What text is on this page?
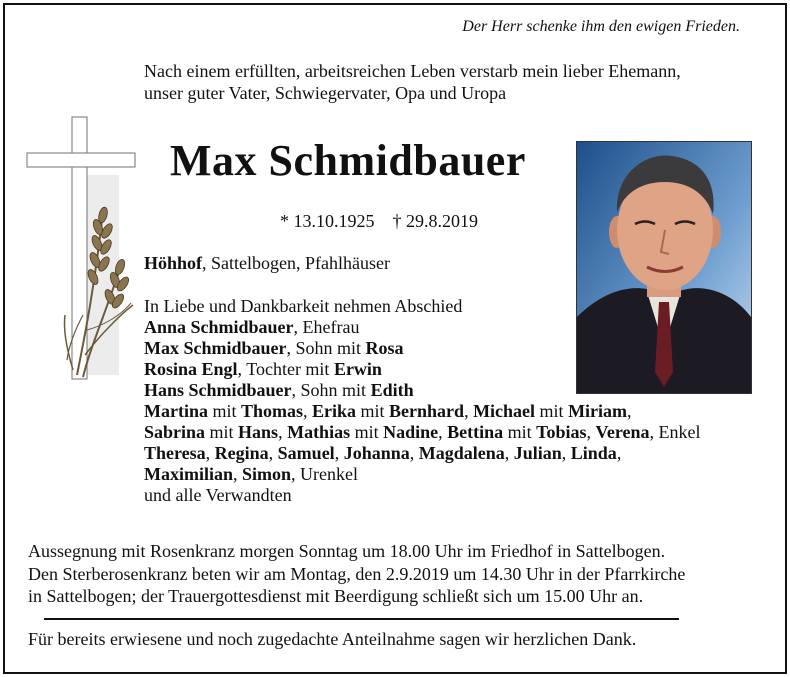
Der Herr schenke ihm den ewigen Frieden.
Nach einem erfüllten, arbeitsreichen Leben verstarb mein lieber Ehemann,
unser guter Vater, Schwiegervater, Opa und Uropa
Max Schmidbauer
* 13.10.1925 † 29.8.2019
Höhhof, Sattelbogen, Pfahlhäuser
In Liebe und Dankbarkeit nehmen Abschied
Anna Schmidbauer, Ehefrau
Max Schmidbauer, Sohn mit Rosa
Rosina Engl, Tochter mit Erwin
Hans Schmidbauer, Sohn mit Edith
Martina mit Thomas, Erika mit Bernhard, Michael mit Miriam,
Sabrina mit Hans, Mathias mit Nadine, Bettina mit Tobias, Verena, Enkel
Theresa, Regina, Samuel, Johanna, Magdalena, Julian, Linda,
Maximilian, Simon, Urenkel
und alle Verwandten
Aussegnung mit Rosenkranz morgen Sonntag um 18.00 Uhr im Friedhof in Sattelbogen.
Den Sterberosenkranz beten wir am Montag, den 2.9.2019 um 14.30 Uhr in der Pfarrkirche
in Sattelbogen; der Trauergottesdienst mit Beerdigung schließt sich um 15.00 Uhr an.
Für bereits erwiesene und noch zugedachte Anteilnahme sagen wir herzlichen Dank.
